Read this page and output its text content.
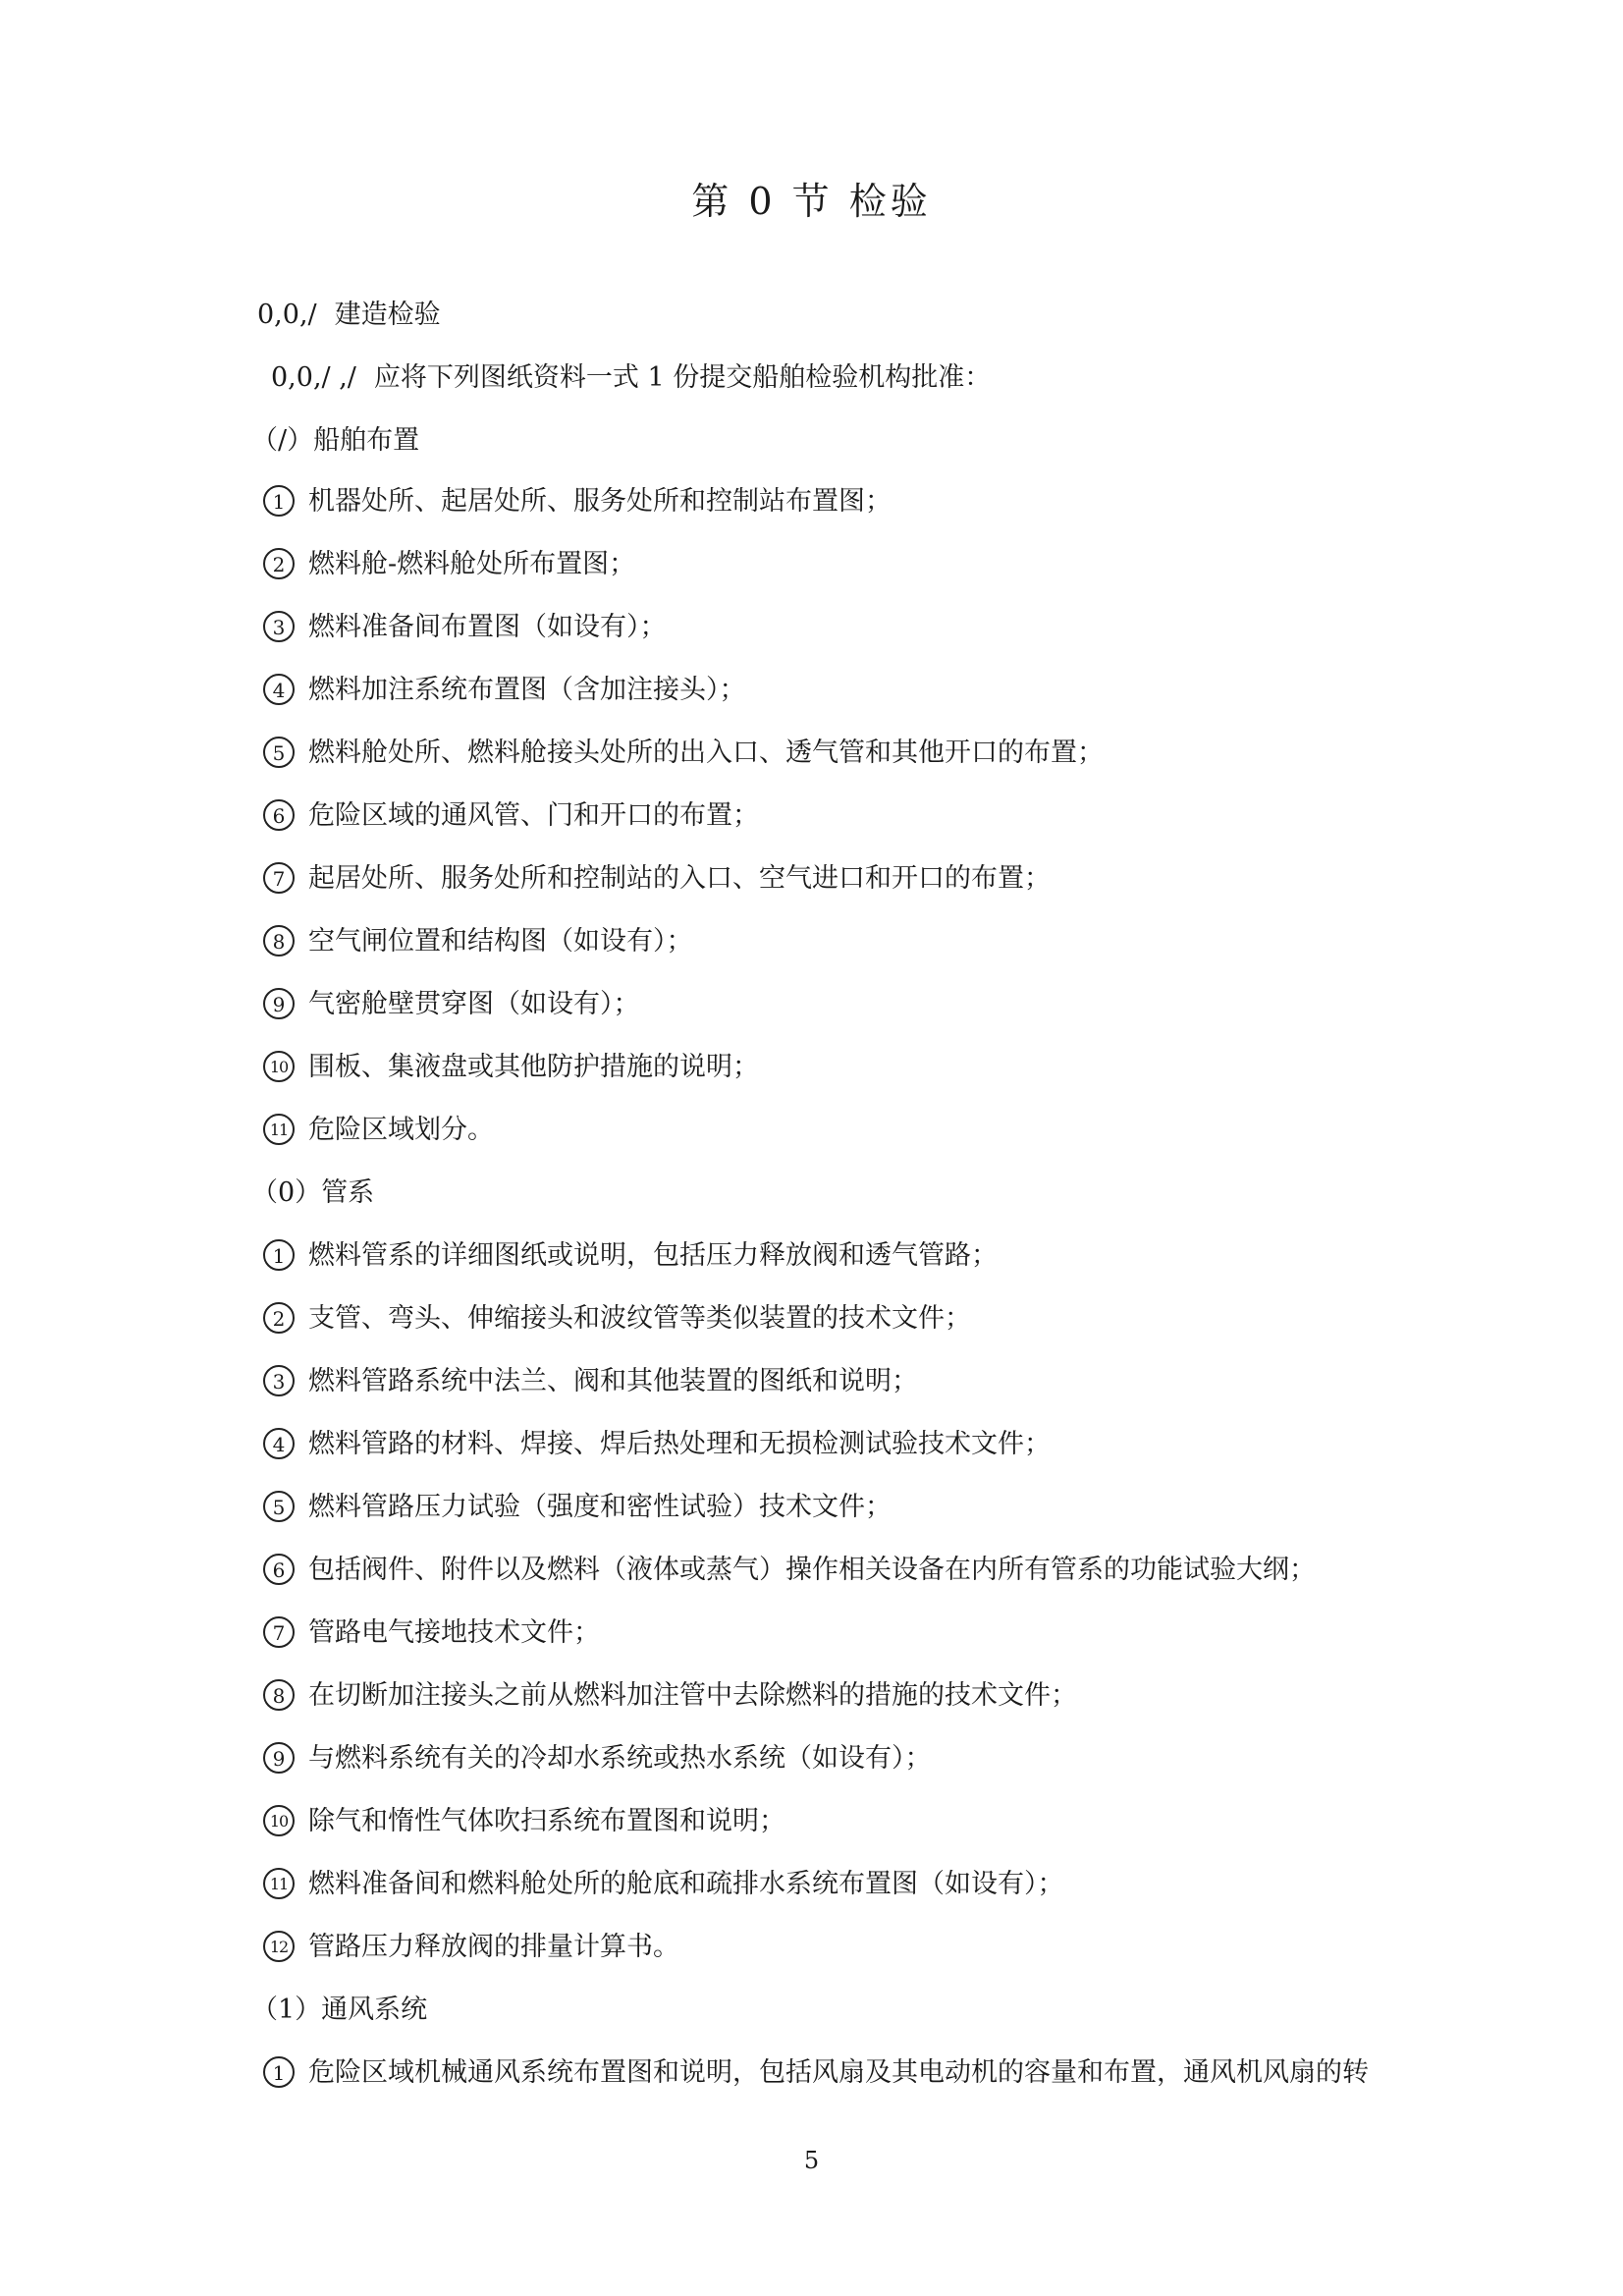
第 0 节 检验
0,0,/ 建造检验
0,0,/ ,/ 应将下列图纸资料一式 1 份提交船舶检验机构批准：
（/）船舶布置
1 机器处所、起居处所、服务处所和控制站布置图；
2 燃料舱-燃料舱处所布置图；
3 燃料准备间布置图（如设有）；
4 燃料加注系统布置图（含加注接头）；
5 燃料舱处所、燃料舱接头处所的出入口、透气管和其他开口的布置；
6 危险区域的通风管、门和开口的布置；
7 起居处所、服务处所和控制站的入口、空气进口和开口的布置；
8 空气闸位置和结构图（如设有）；
9 气密舱壁贯穿图（如设有）；
10 围板、集液盘或其他防护措施的说明；
11 危险区域划分。
（0）管系
1 燃料管系的详细图纸或说明，包括压力释放阀和透气管路；
2 支管、弯头、伸缩接头和波纹管等类似装置的技术文件；
3 燃料管路系统中法兰、阀和其他装置的图纸和说明；
4 燃料管路的材料、焊接、焊后热处理和无损检测试验技术文件；
5 燃料管路压力试验（强度和密性试验）技术文件；
6 包括阀件、附件以及燃料（液体或蒸气）操作相关设备在内所有管系的功能试验大纲；
7 管路电气接地技术文件；
8 在切断加注接头之前从燃料加注管中去除燃料的措施的技术文件；
9 与燃料系统有关的冷却水系统或热水系统（如设有）；
10 除气和惰性气体吹扫系统布置图和说明；
11 燃料准备间和燃料舱处所的舱底和疏排水系统布置图（如设有）；
12 管路压力释放阀的排量计算书。
（1）通风系统
1 危险区域机械通风系统布置图和说明，包括风扇及其电动机的容量和布置，通风机风扇的转
5
